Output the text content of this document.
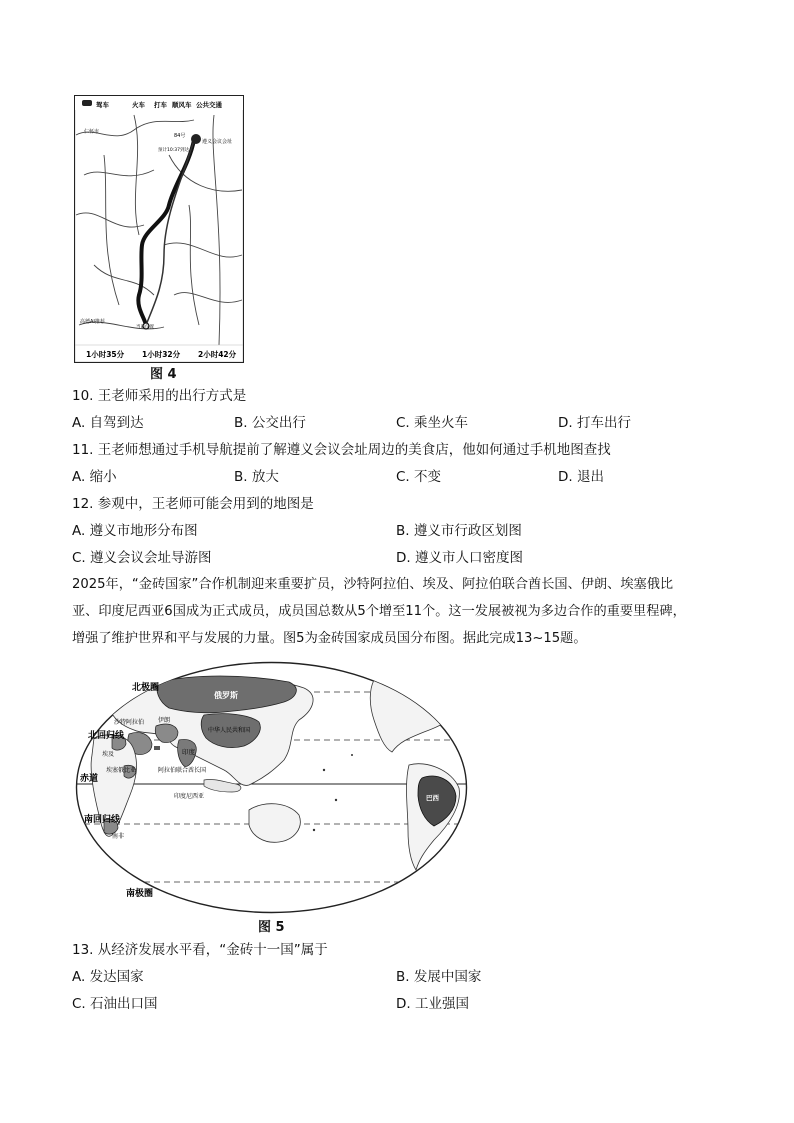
驾车	火车 打车 顺风车 公共交通
仁怀市
84号
遵义会议会址
预计10:37到达
高德AI推荐
当前位置
1小时35分 1小时32分 2小时42分
图 4
10. 王老师采用的出行方式是
A. 自驾到达	B. 公交出行	C. 乘坐火车	D. 打车出行
11. 王老师想通过手机导航提前了解遵义会议会址周边的美食店，他如何通过手机地图查找
A. 缩小	B. 放大	C. 不变	D. 退出
12. 参观中，王老师可能会用到的地图是
A. 遵义市地形分布图	B. 遵义市行政区划图
C. 遵义会议会址导游图	D. 遵义市人口密度图
2025年，“金砖国家”合作机制迎来重要扩员，沙特阿拉伯、埃及、阿拉伯联合酋长国、伊朗、埃塞俄比
亚、印度尼西亚6国成为正式成员，成员国总数从5个增至11个。这一发展被视为多边合作的重要里程碑，
增强了维护世界和平与发展的力量。图5为金砖国家成员国分布图。据此完成13~15题。
北极圈
北回归线
赤道
南回归线
南极圈
俄罗斯
沙特阿拉伯 伊朗
中华人民共和国
印度
埃及
埃塞俄比亚	阿拉伯联合酋长国
印度尼西亚	巴西
南非
图 5
13. 从经济发展水平看，“金砖十一国”属于
A. 发达国家	B. 发展中国家
C. 石油出口国	D. 工业强国
